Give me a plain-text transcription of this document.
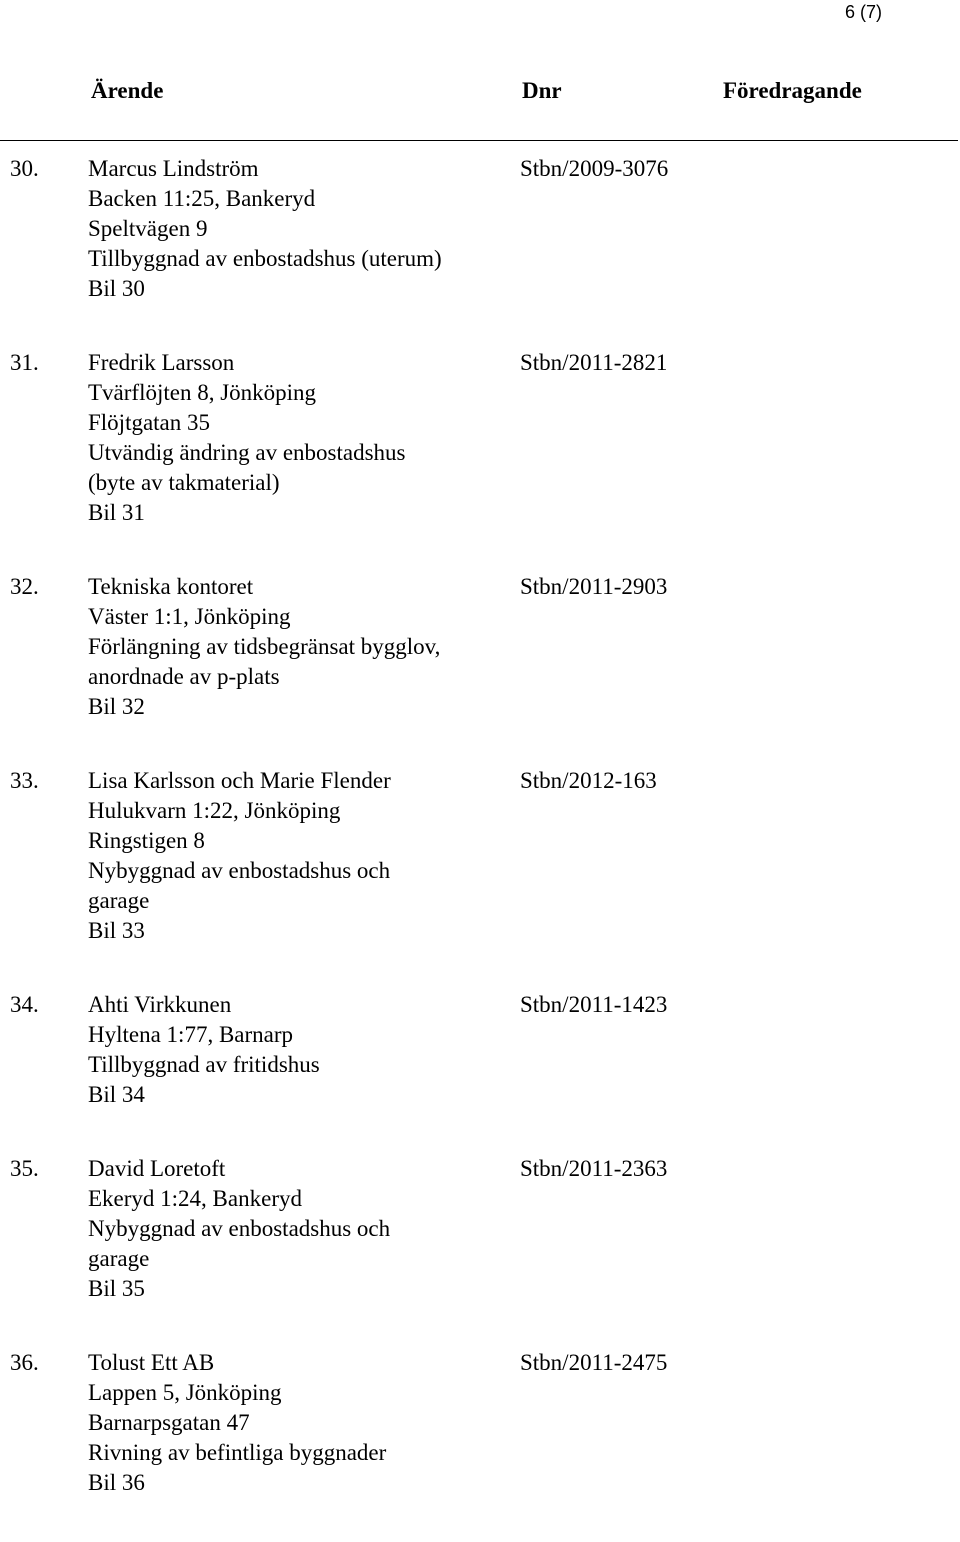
6 (7)
Ärende	Dnr	Föredragande
30. Marcus Lindström
Backen 11:25, Bankeryd
Speltvägen 9
Tillbyggnad av enbostadshus (uterum)
Bil 30
Stbn/2009-3076
31. Fredrik Larsson
Tvärflöjten 8, Jönköping
Flöjtgatan 35
Utvändig ändring av enbostadshus
(byte av takmaterial)
Bil 31
Stbn/2011-2821
32. Tekniska kontoret
Väster 1:1, Jönköping
Förlängning av tidsbegränsat bygglov,
anordnade av p-plats
Bil 32
Stbn/2011-2903
33. Lisa Karlsson och Marie Flender
Hulukvarn 1:22, Jönköping
Ringstigen 8
Nybyggnad av enbostadshus och
garage
Bil 33
Stbn/2012-163
34. Ahti Virkkunen
Hyltena 1:77, Barnarp
Tillbyggnad av fritidshus
Bil 34
Stbn/2011-1423
35. David Loretoft
Ekeryd 1:24, Bankeryd
Nybyggnad av enbostadshus och
garage
Bil 35
Stbn/2011-2363
36. Tolust Ett AB
Lappen 5, Jönköping
Barnarpsgatan 47
Rivning av befintliga byggnader
Bil 36
Stbn/2011-2475
